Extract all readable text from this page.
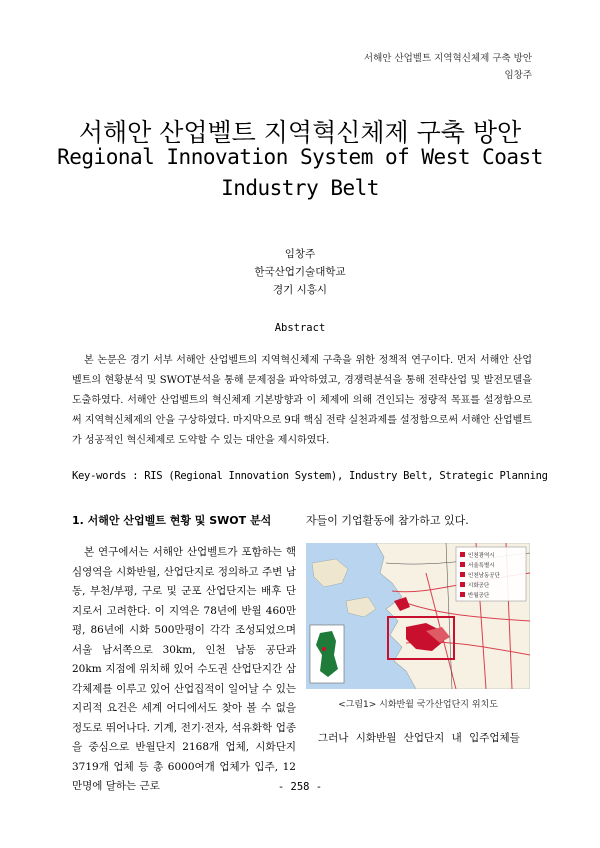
서해안 산업벨트 지역혁신체제 구축 방안
임창주
서해안 산업벨트 지역혁신체제 구축 방안
Regional Innovation System of West Coast
Industry Belt
임창주
한국산업기술대학교
경기 시흥시
Abstract
본 논문은 경기 서부 서해안 산업벨트의 지역혁신체제 구축을 위한 정책적 연구이다. 먼저 서해안 산업벨트의 현황분석 및 SWOT분석을 통해 문제점을 파악하였고, 경쟁력분석을 통해 전략산업 및 발전모델을 도출하였다. 서해안 산업벨트의 혁신체제 기본방향과 이 체제에 의해 견인되는 정량적 목표를 설정함으로써 지역혁신체제의 안을 구상하였다. 마지막으로 9대 핵심 전략 실천과제를 설정함으로써 서해안 산업벨트가 성공적인 혁신체제로 도약할 수 있는 대안을 제시하였다.
Key-words : RIS (Regional Innovation System), Industry Belt, Strategic Planning
1. 서해안 산업벨트 현황 및 SWOT 분석
본 연구에서는 서해안 산업벨트가 포함하는 핵심영역을 시화반월, 산업단지로 정의하고 주변 남동, 부천/부평, 구로 및 군포 산업단지는 배후 단지로서 고려한다. 이 지역은 78년에 반월 460만평, 86년에 시화 500만평이 각각 조성되었으며 서울 남서쪽으로 30km, 인천 남동 공단과 20km 지점에 위치해 있어 수도권 산업단지간 삼각체제를 이루고 있어 산업집적이 일어날 수 있는 지리적 요건은 세계 어디에서도 찾아 볼 수 없을 정도로 뛰어나다. 기계, 전기·전자, 석유화학 업종을 중심으로 반월단지 2168개 업체, 시화단지 3719개 업체 등 총 6000여개 업체가 입주, 12만명에 달하는 근로
자들이 기업활동에 참가하고 있다.
인천광역시
서울특별시
인천남동공단
시화공단
반월공단
<그림1> 시화반월 국가산업단지 위치도
그러나 시화반월 산업단지 내 입주업체들
- 258 -
